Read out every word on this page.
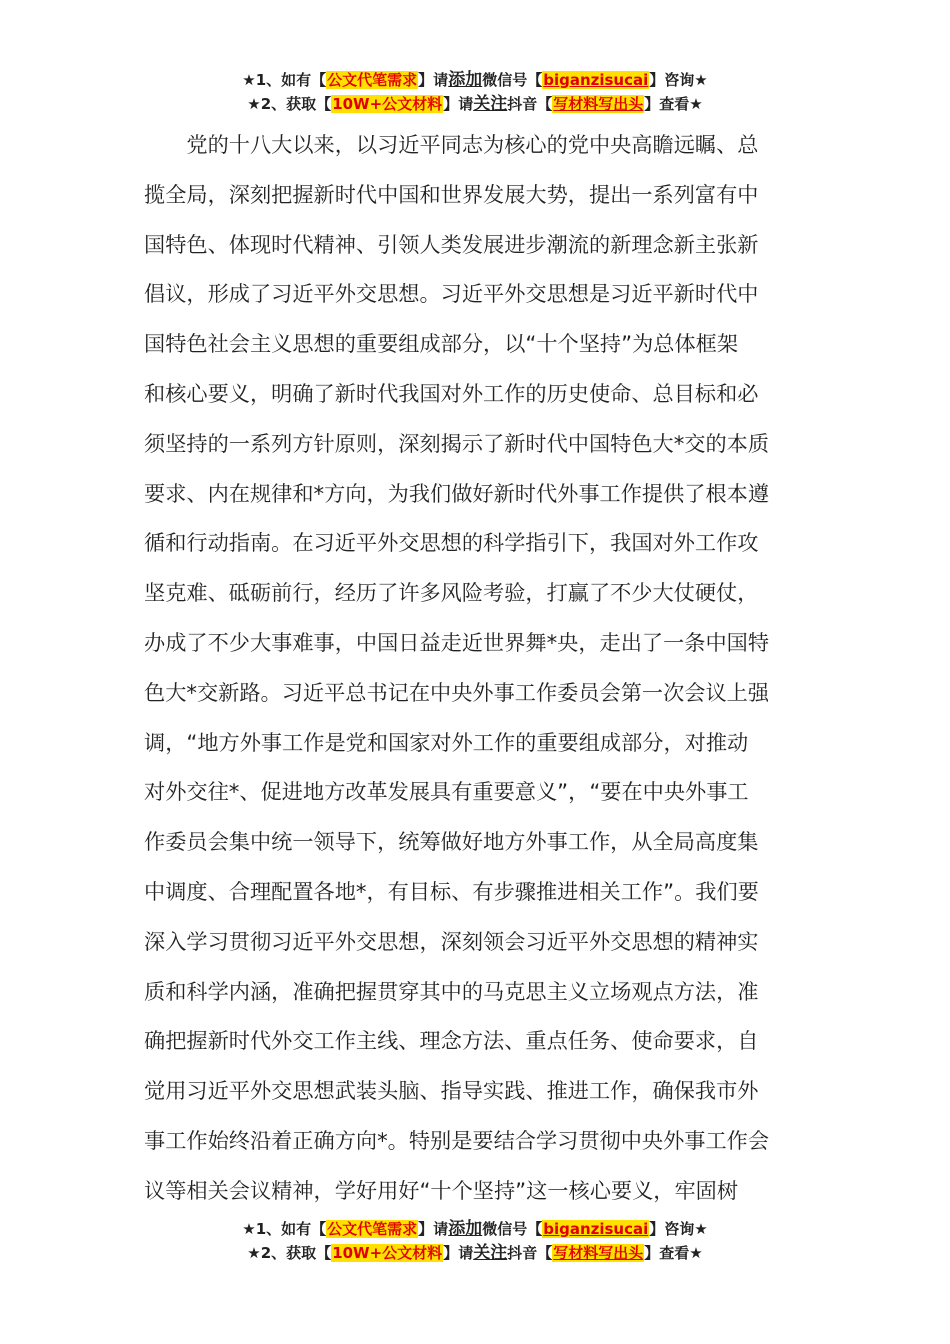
★1、如有【公文代笔需求】请添加微信号【biganzisucai】咨询★
★2、获取【10W+公文材料】请关注抖音【写材料写出头】查看★
　　党的十八大以来，以习近平同志为核心的党中央高瞻远瞩、总
揽全局，深刻把握新时代中国和世界发展大势，提出一系列富有中
国特色、体现时代精神、引领人类发展进步潮流的新理念新主张新
倡议，形成了习近平外交思想。习近平外交思想是习近平新时代中
国特色社会主义思想的重要组成部分，以“十个坚持”为总体框架
和核心要义，明确了新时代我国对外工作的历史使命、总目标和必
须坚持的一系列方针原则，深刻揭示了新时代中国特色大*交的本质
要求、内在规律和*方向，为我们做好新时代外事工作提供了根本遵
循和行动指南。在习近平外交思想的科学指引下，我国对外工作攻
坚克难、砥砺前行，经历了许多风险考验，打赢了不少大仗硬仗，
办成了不少大事难事，中国日益走近世界舞*央，走出了一条中国特
色大*交新路。习近平总书记在中央外事工作委员会第一次会议上强
调，“地方外事工作是党和国家对外工作的重要组成部分，对推动
对外交往*、促进地方改革发展具有重要意义”，“要在中央外事工
作委员会集中统一领导下，统筹做好地方外事工作，从全局高度集
中调度、合理配置各地*，有目标、有步骤推进相关工作”。我们要
深入学习贯彻习近平外交思想，深刻领会习近平外交思想的精神实
质和科学内涵，准确把握贯穿其中的马克思主义立场观点方法，准
确把握新时代外交工作主线、理念方法、重点任务、使命要求，自
觉用习近平外交思想武装头脑、指导实践、推进工作，确保我市外
事工作始终沿着正确方向*。特别是要结合学习贯彻中央外事工作会
议等相关会议精神，学好用好“十个坚持”这一核心要义，牢固树
★1、如有【公文代笔需求】请添加微信号【biganzisucai】咨询★
★2、获取【10W+公文材料】请关注抖音【写材料写出头】查看★
